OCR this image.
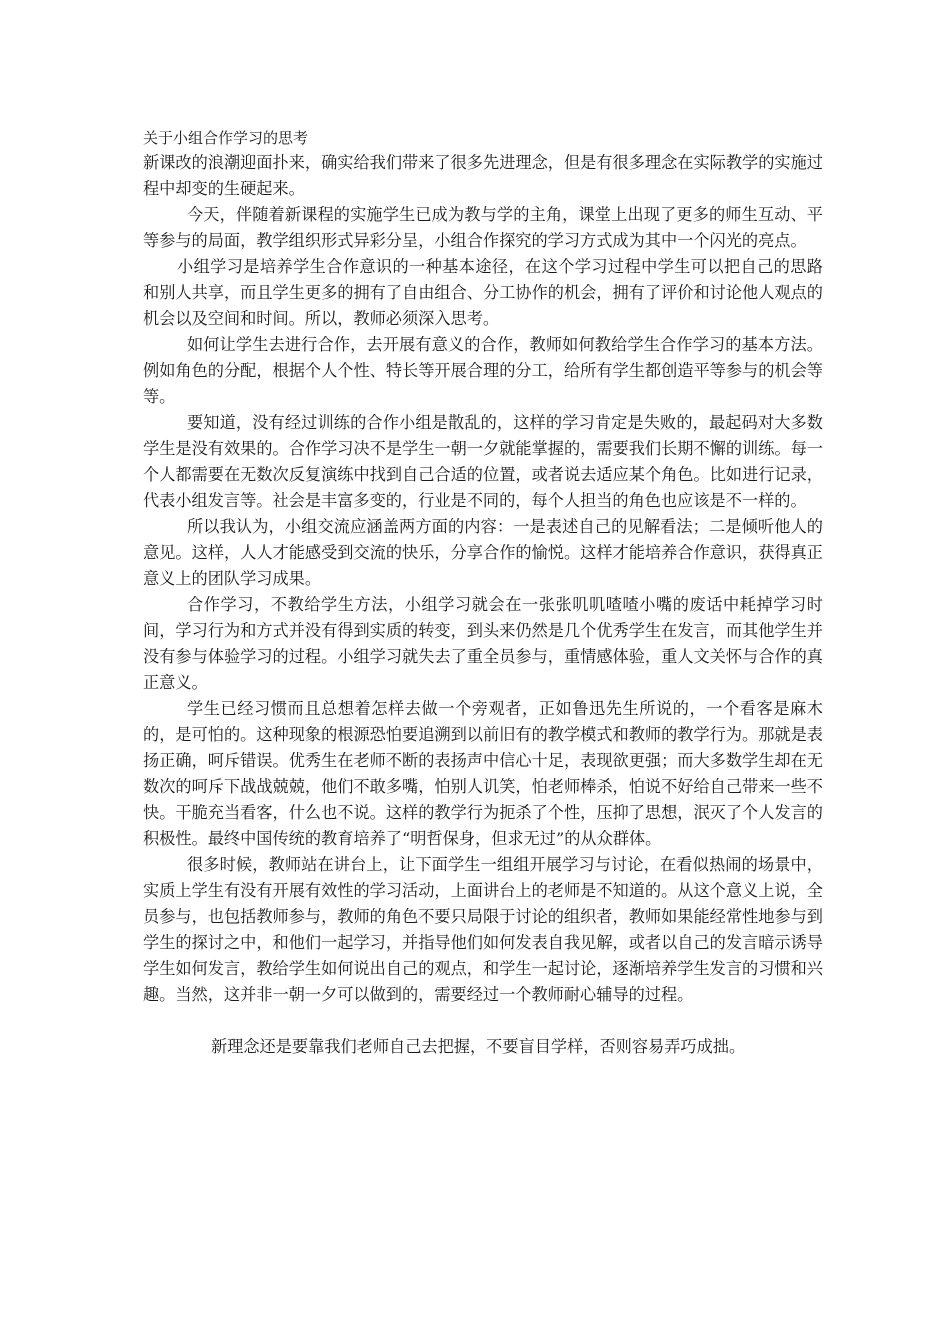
关于小组合作学习的思考

新课改的浪潮迎面扑来，确实给我们带来了很多先进理念，但是有很多理念在实际教学的实施过程中却变的生硬起来。

今天，伴随着新课程的实施学生已成为教与学的主角，课堂上出现了更多的师生互动、平等参与的局面，教学组织形式异彩分呈，小组合作探究的学习方式成为其中一个闪光的亮点。

小组学习是培养学生合作意识的一种基本途径，在这个学习过程中学生可以把自己的思路和别人共享，而且学生更多的拥有了自由组合、分工协作的机会，拥有了评价和讨论他人观点的机会以及空间和时间。所以，教师必须深入思考。

如何让学生去进行合作，去开展有意义的合作，教师如何教给学生合作学习的基本方法。例如角色的分配，根据个人个性、特长等开展合理的分工，给所有学生都创造平等参与的机会等等。

要知道，没有经过训练的合作小组是散乱的，这样的学习肯定是失败的，最起码对大多数学生是没有效果的。合作学习决不是学生一朝一夕就能掌握的，需要我们长期不懈的训练。每一个人都需要在无数次反复演练中找到自己合适的位置，或者说去适应某个角色。比如进行记录，代表小组发言等。社会是丰富多变的，行业是不同的，每个人担当的角色也应该是不一样的。

所以我认为，小组交流应涵盖两方面的内容：一是表述自己的见解看法；二是倾听他人的意见。这样，人人才能感受到交流的快乐，分享合作的愉悦。这样才能培养合作意识，获得真正意义上的团队学习成果。

合作学习，不教给学生方法，小组学习就会在一张张叽叽喳喳小嘴的废话中耗掉学习时间，学习行为和方式并没有得到实质的转变，到头来仍然是几个优秀学生在发言，而其他学生并没有参与体验学习的过程。小组学习就失去了重全员参与，重情感体验，重人文关怀与合作的真正意义。

学生已经习惯而且总想着怎样去做一个旁观者，正如鲁迅先生所说的，一个看客是麻木的，是可怕的。这种现象的根源恐怕要追溯到以前旧有的教学模式和教师的教学行为。那就是表扬正确，呵斥错误。优秀生在老师不断的表扬声中信心十足，表现欲更强；而大多数学生却在无数次的呵斥下战战兢兢，他们不敢多嘴，怕别人讥笑，怕老师棒杀，怕说不好给自己带来一些不快。干脆充当看客，什么也不说。这样的教学行为扼杀了个性，压抑了思想，泯灭了个人发言的积极性。最终中国传统的教育培养了“明哲保身，但求无过”的从众群体。

很多时候，教师站在讲台上，让下面学生一组组开展学习与讨论，在看似热闹的场景中，实质上学生有没有开展有效性的学习活动，上面讲台上的老师是不知道的。从这个意义上说，全员参与，也包括教师参与，教师的角色不要只局限于讨论的组织者，教师如果能经常性地参与到学生的探讨之中，和他们一起学习，并指导他们如何发表自我见解，或者以自己的发言暗示诱导学生如何发言，教给学生如何说出自己的观点，和学生一起讨论，逐渐培养学生发言的习惯和兴趣。当然，这并非一朝一夕可以做到的，需要经过一个教师耐心辅导的过程。

新理念还是要靠我们老师自己去把握，不要盲目学样，否则容易弄巧成拙。
